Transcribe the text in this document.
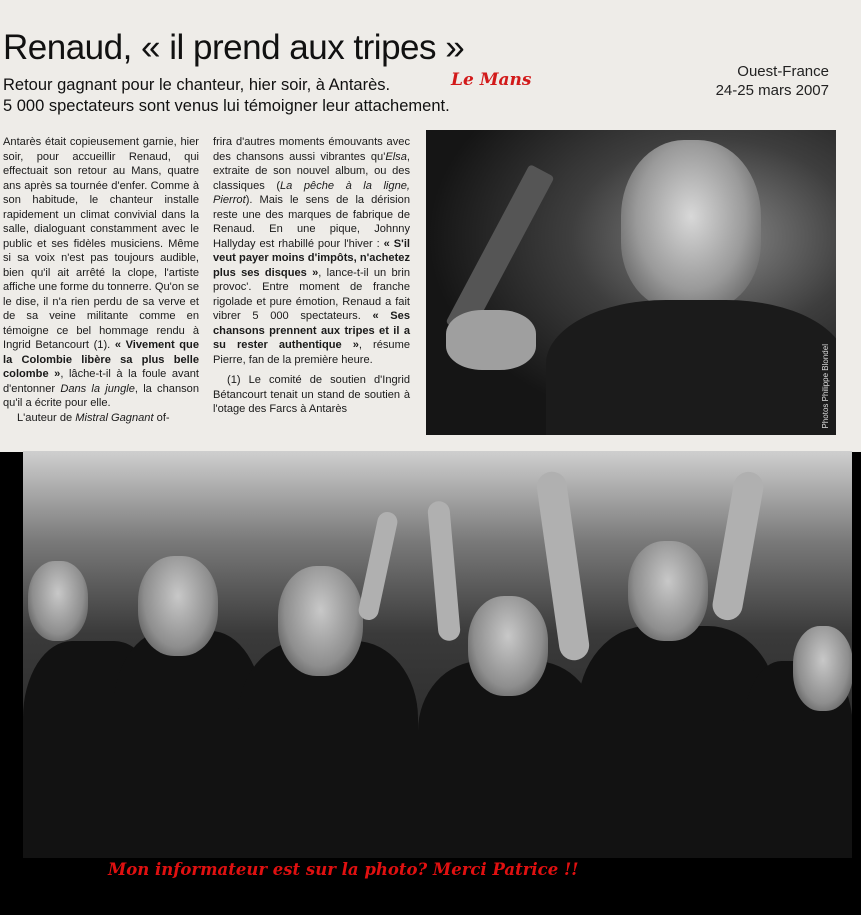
Renaud, « il prend aux tripes »
Retour gagnant pour le chanteur, hier soir, à Antarès.
5 000 spectateurs sont venus lui témoigner leur attachement.
Le Mans	Ouest-France
24-25 mars 2007

Antarès était copieusement garnie, hier soir, pour accueillir Renaud, qui effectuait son retour au Mans, quatre ans après sa tournée d'enfer. Comme à son habitude, le chanteur installe rapidement un climat convivial dans la salle, dialoguant constamment avec le public et ses fidèles musiciens. Même si sa voix n'est pas toujours audible, bien qu'il ait arrêté la clope, l'artiste affiche une forme du tonnerre. Qu'on se le dise, il n'a rien perdu de sa verve et de sa veine militante comme en témoigne ce bel hommage rendu à Ingrid Betancourt (1). « Vivement que la Colombie libère sa plus belle colombe », lâche-t-il à la foule avant d'entonner Dans la jungle, la chanson qu'il a écrite pour elle.

L'auteur de Mistral Gagnant of-

frira d'autres moments émouvants avec des chansons aussi vibrantes qu'Elsa, extraite de son nouvel album, ou des classiques (La pêche à la ligne, Pierrot). Mais le sens de la dérision reste une des marques de fabrique de Renaud. En une pique, Johnny Hallyday est rhabillé pour l'hiver : « S'il veut payer moins d'impôts, n'achetez plus ses disques », lance-t-il un brin provoc'. Entre moment de franche rigolade et pure émotion, Renaud a fait vibrer 5 000 spectateurs. « Ses chansons prennent aux tripes et il a su rester authentique », résume Pierre, fan de la première heure.

(1) Le comité de soutien d'Ingrid Bétancourt tenait un stand de soutien à l'otage des Farcs à Antarès	Photos Philippe Blondel
Mon informateur est sur la photo? Merci Patrice !!
